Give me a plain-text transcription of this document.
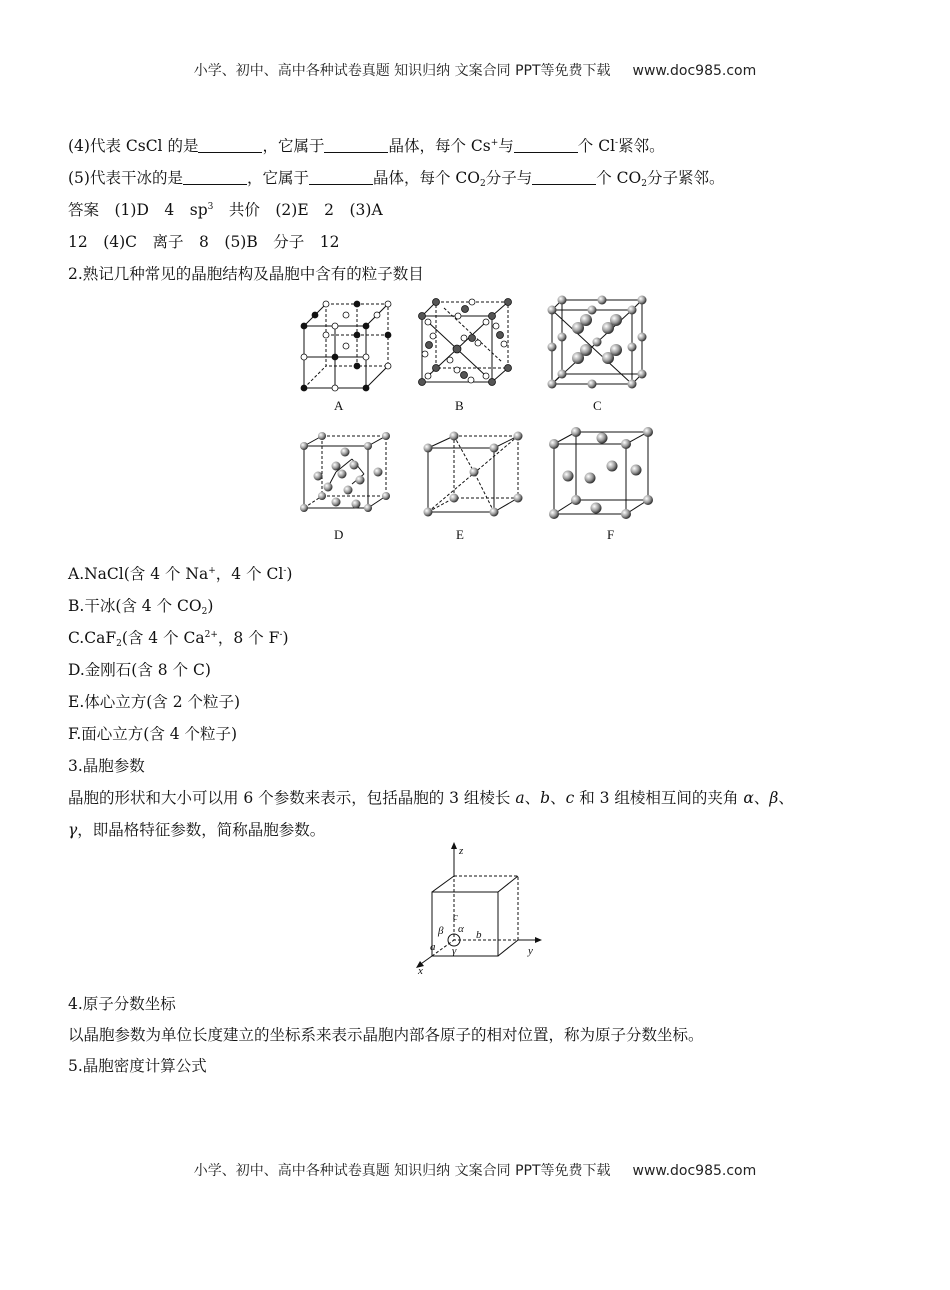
小学、初中、高中各种试卷真题 知识归纳 文案合同 PPT等免费下载 www.doc985.com
(4)代表 CsCl 的是	，它属于	晶体，每个 Cs+与	个 Cl-紧邻。
(5)代表干冰的是	，它属于	晶体，每个 $CO_2$分子与	个 $CO_2$分子紧邻。
答案　(1)D　4　$sp^3$　共价　(2)E　2　(3)A
12　(4)C　离子　8　(5)B　分子　12
2.熟记几种常见的晶胞结构及晶胞中含有的粒子数目
A	B	C
D	E	F
A.NaCl(含 4 个 Na+，4 个 Cl-)
B.干冰(含 4 个 $CO_2$)
C.CaF$_2$(含 4 个 $Ca^{2+}$，8 个 F-)
D.金刚石(含 8 个 C)
E.体心立方(含 2 个粒子)
F.面心立方(含 4 个粒子)
3.晶胞参数
晶胞的形状和大小可以用 6 个参数来表示，包括晶胞的 3 组棱长 a、b、c 和 3 组棱相互间的夹角 α、β、
γ，即晶格特征参数，简称晶胞参数。
z
y
x
c
b
a
α
β
γ
4.原子分数坐标
以晶胞参数为单位长度建立的坐标系来表示晶胞内部各原子的相对位置，称为原子分数坐标。
5.晶胞密度计算公式
小学、初中、高中各种试卷真题 知识归纳 文案合同 PPT等免费下载 www.doc985.com
